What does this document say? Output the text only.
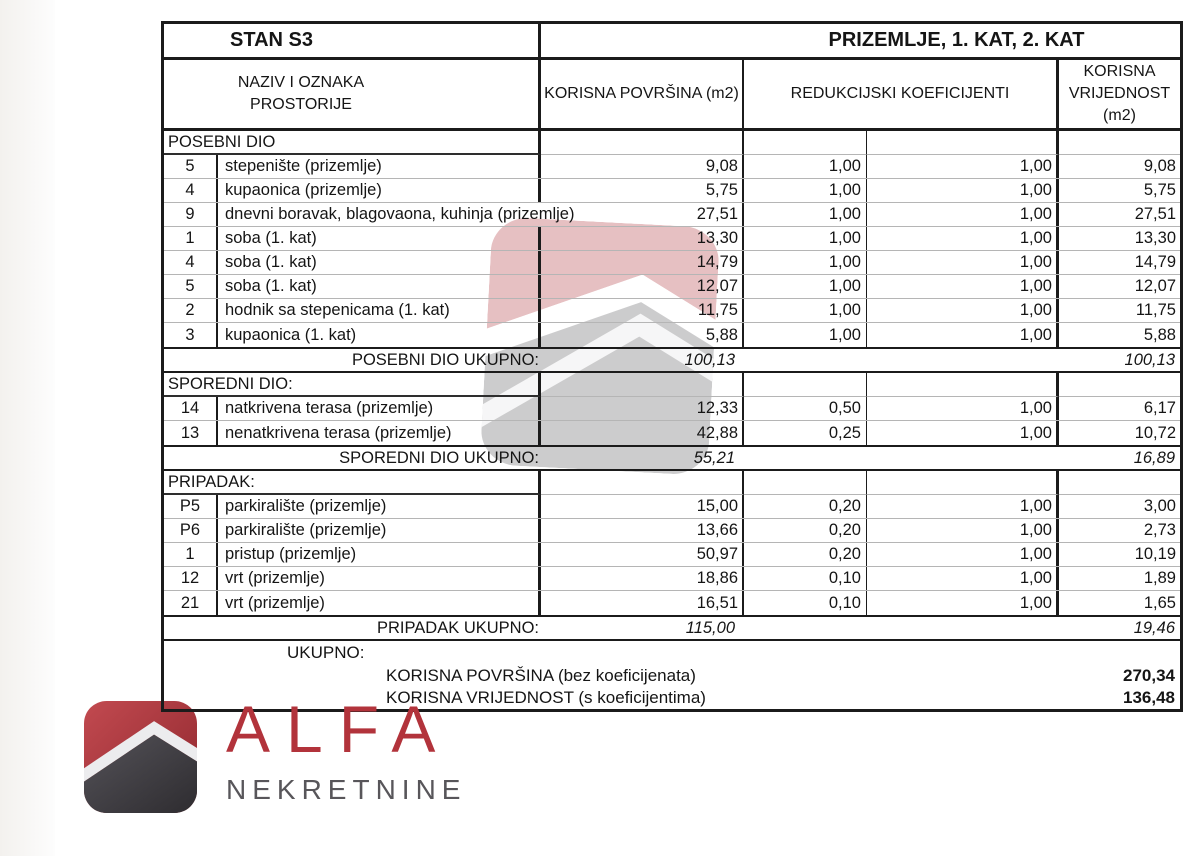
ALFA
NEKRETNINE
STAN S3	PRIZEMLJE, 1. KAT, 2. KAT
NAZIV I OZNAKA
PROSTORIJE
KORISNA POVRŠINA (m2)	REDUKCIJSKI KOEFICIJENTI
KORISNA
VRIJEDNOST
(m2)
POSEBNI DIO
5	stepenište (prizemlje)	9,08	1,00	1,00	9,08
4	kupaonica (prizemlje)	5,75	1,00	1,00	5,75
9	dnevni boravak, blagovaona, kuhinja (prizemlje)	27,51	1,00	1,00	27,51
1	soba (1. kat)	13,30	1,00	1,00	13,30
4	soba (1. kat)	14,79	1,00	1,00	14,79
5	soba (1. kat)	12,07	1,00	1,00	12,07
2	hodnik sa stepenicama (1. kat)	11,75	1,00	1,00	11,75
3	kupaonica (1. kat)	5,88	1,00	1,00	5,88
POSEBNI DIO UKUPNO:	100,13	100,13
SPOREDNI DIO:
14	natkrivena terasa (prizemlje)	12,33	0,50	1,00	6,17
13	nenatkrivena terasa (prizemlje)	42,88	0,25	1,00	10,72
SPOREDNI DIO UKUPNO:	55,21	16,89
PRIPADAK:
P5	parkiralište (prizemlje)	15,00	0,20	1,00	3,00
P6	parkiralište (prizemlje)	13,66	0,20	1,00	2,73
1	pristup (prizemlje)	50,97	0,20	1,00	10,19
12	vrt (prizemlje)	18,86	0,10	1,00	1,89
21	vrt (prizemlje)	16,51	0,10	1,00	1,65
PRIPADAK UKUPNO:	115,00	19,46
UKUPNO:
KORISNA POVRŠINA (bez koeficijenata)	270,34
KORISNA VRIJEDNOST (s koeficijentima)	136,48
